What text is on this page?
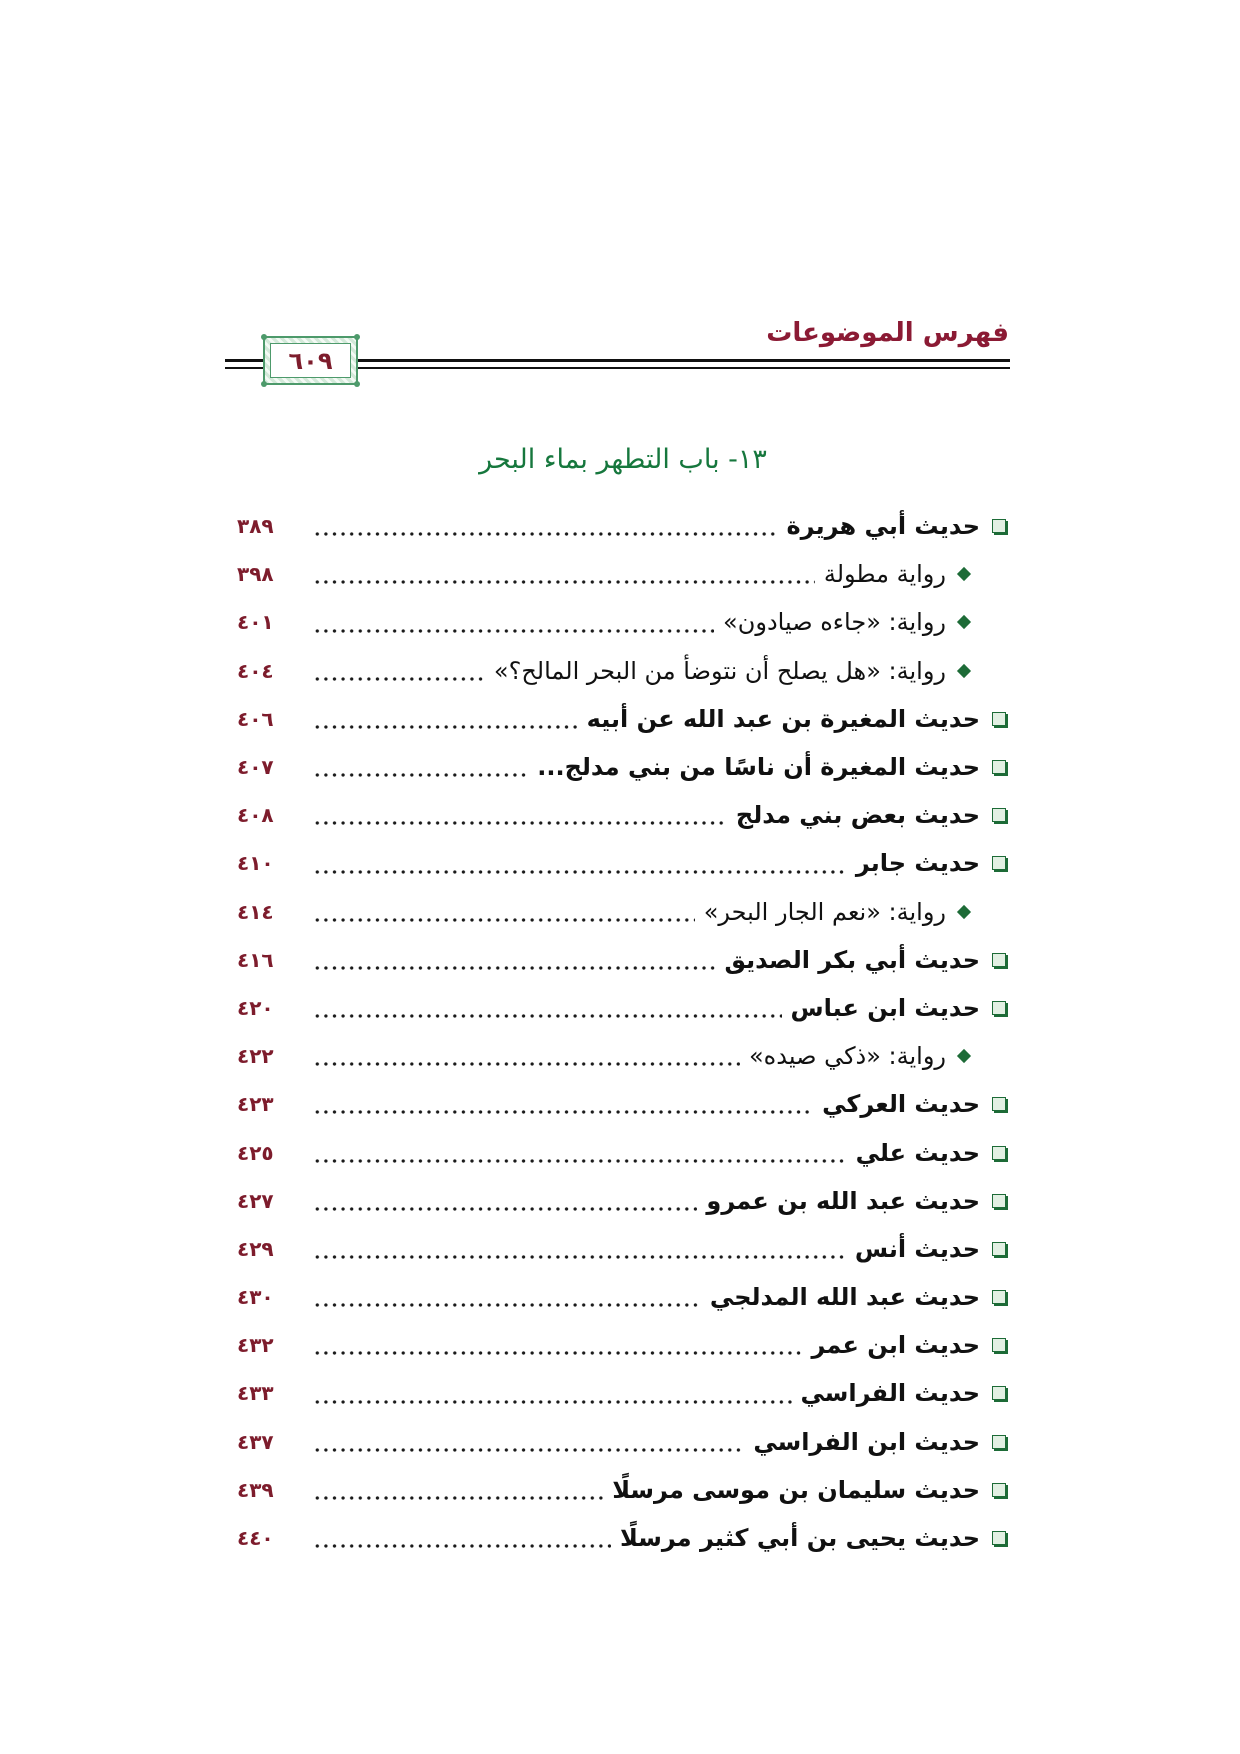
فهرس الموضوعات
٦٠٩
١٣- باب التطهر بماء البحر
حديث أبي هريرة
٣٨٩
رواية مطولة
٣٩٨
رواية: «جاءه صيادون»
٤٠١
رواية: «هل يصلح أن نتوضأ من البحر المالح؟»
٤٠٤
حديث المغيرة بن عبد الله عن أبيه
٤٠٦
حديث المغيرة أن ناسًا من بني مدلج...
٤٠٧
حديث بعض بني مدلج
٤٠٨
حديث جابر
٤١٠
رواية: «نعم الجار البحر»
٤١٤
حديث أبي بكر الصديق
٤١٦
حديث ابن عباس
٤٢٠
رواية: «ذكي صيده»
٤٢٢
حديث العركي
٤٢٣
حديث علي
٤٢٥
حديث عبد الله بن عمرو
٤٢٧
حديث أنس
٤٢٩
حديث عبد الله المدلجي
٤٣٠
حديث ابن عمر
٤٣٢
حديث الفراسي
٤٣٣
حديث ابن الفراسي
٤٣٧
حديث سليمان بن موسى مرسلًا
٤٣٩
حديث يحيى بن أبي كثير مرسلًا
٤٤٠
